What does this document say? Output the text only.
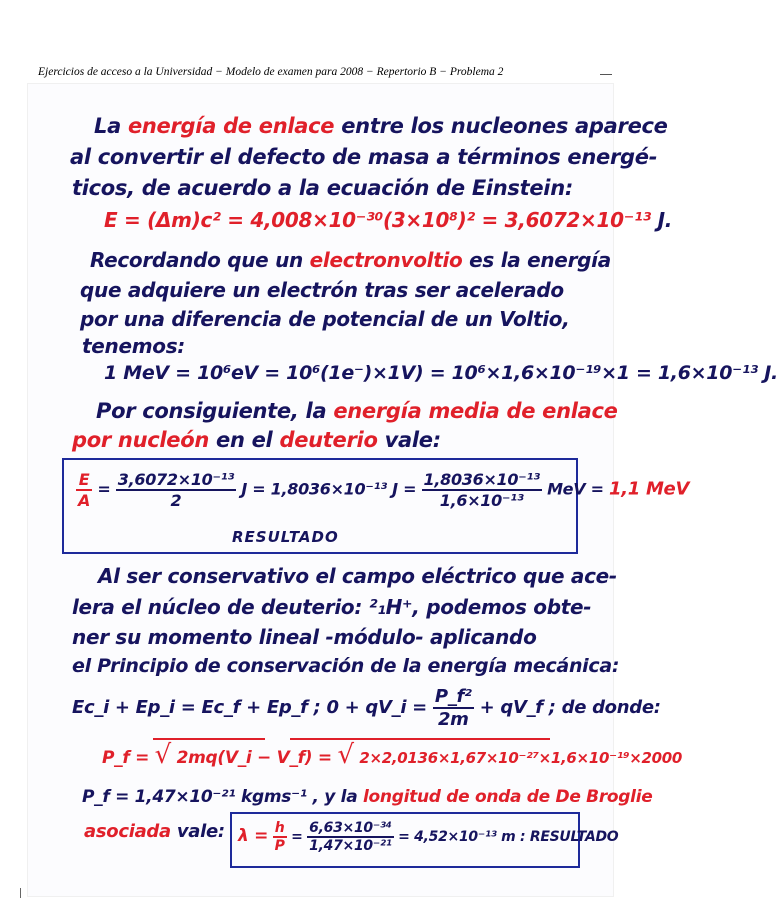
Ejercicios de acceso a la Universidad − Modelo de examen para 2008 − Repertorio B − Problema 2
La energía de enlace entre los nucleones aparece
al convertir el defecto de masa a términos energé-
ticos, de acuerdo a la ecuación de Einstein:
E = (Δm)c² = 4,008×10⁻³⁰(3×10⁸)² = 3,6072×10⁻¹³ J.
Recordando que un electronvoltio es la energía
que adquiere un electrón tras ser acelerado
por una diferencia de potencial de un Voltio,
tenemos:
1 MeV = 10⁶eV = 10⁶(1e⁻)×1V) = 10⁶×1,6×10⁻¹⁹×1 = 1,6×10⁻¹³ J.
Por consiguiente, la energía media de enlace
por nucleón en el deuterio vale:
$\frac{E}{A} = \frac{\text{3,6072×10⁻¹³}}{2}$ J = 1,8036×10⁻¹³ $J = \frac{\text{1,8036×10⁻¹³}}{\text{1,6×10⁻¹³}}$ MeV = 1,1 MeV
RESULTADO
Al ser conservativo el campo eléctrico que ace-
lera el núcleo de deuterio: ²₁H⁺, podemos obte-
ner su momento lineal -módulo- aplicando
el Principio de conservación de la energía mecánica:
Ec_i + Ep_i = Ec_f + Ep_f ; 0 + qV_i = $\frac{\text{P\_f²}}{2m}$ + qV_f ; de donde:
P_f = √ 2mq(V_i − V_f) = √ 2×2,0136×1,67×10⁻²⁷×1,6×10⁻¹⁹×2000
P_f = 1,47×10⁻²¹ kgms⁻¹ , y la longitud de onda de De Broglie
asociada vale: $\lambda = \frac{h}{P} = \frac{\text{6,63×10⁻³⁴}}{\text{1,47×10⁻²¹}} = 4,52\times 10^{-13}$ m : RESULTADO
